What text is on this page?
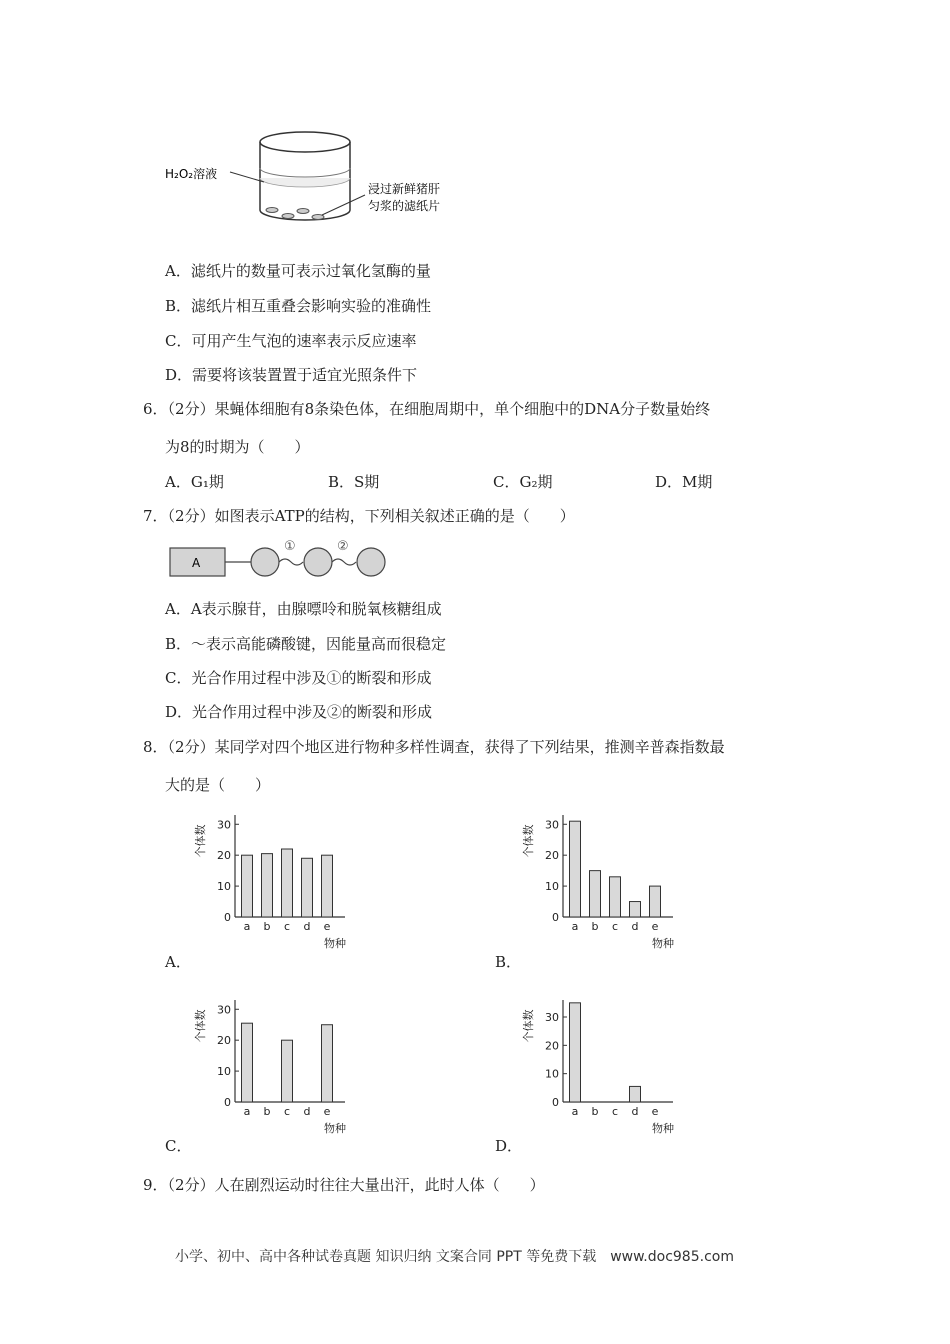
H₂O₂溶液
浸过新鲜猪肝
匀浆的滤纸片
A．滤纸片的数量可表示过氧化氢酶的量
B．滤纸片相互重叠会影响实验的准确性
C．可用产生气泡的速率表示反应速率
D．需要将该装置置于适宜光照条件下
6．（2分）果蝇体细胞有8条染色体，在细胞周期中，单个细胞中的DNA分子数量始终
为8的时期为（　　）
A．G₁期	B．S期	C．G₂期	D．M期
7．（2分）如图表示ATP的结构，下列相关叙述正确的是（　　）
A
①	②
A．A表示腺苷，由腺嘌呤和脱氧核糖组成
B．～表示高能磷酸键，因能量高而很稳定
C．光合作用过程中涉及①的断裂和形成
D．光合作用过程中涉及②的断裂和形成
8．（2分）某同学对四个地区进行物种多样性调查，获得了下列结果，推测辛普森指数最
大的是（　　）
0
10
20
30
个体数
a b c d e
物种
0
10
20
30
个体数
a b c d e
物种
0
10
20
30
个体数
a b c d e
物种
0
10
20
30
个体数
a b c d e
物种
A．	B．
C．	D．
9．（2分）人在剧烈运动时往往大量出汗，此时人体（　　）
小学、初中、高中各种试卷真题 知识归纳 文案合同 PPT 等免费下载　www.doc985.com
